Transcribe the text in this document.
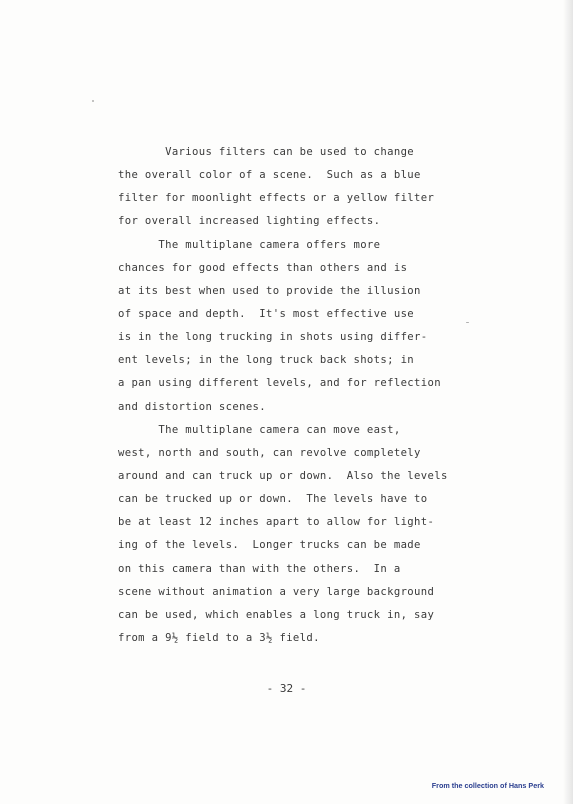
Various filters can be used to change
the overall color of a scene.  Such as a blue
filter for moonlight effects or a yellow filter
for overall increased lighting effects.
The multiplane camera offers more
chances for good effects than others and is
at its best when used to provide the illusion
of space and depth.  It's most effective use
is in the long trucking in shots using differ-
ent levels; in the long truck back shots; in
a pan using different levels, and for reflection
and distortion scenes.
The multiplane camera can move east,
west, north and south, can revolve completely
around and can truck up or down.  Also the levels
can be trucked up or down.  The levels have to
be at least 12 inches apart to allow for light-
ing of the levels.  Longer trucks can be made
on this camera than with the others.  In a
scene without animation a very large background
can be used, which enables a long truck in, say
from a 9½ field to a 3½ field.
- 32 -
From the collection of Hans Perk
